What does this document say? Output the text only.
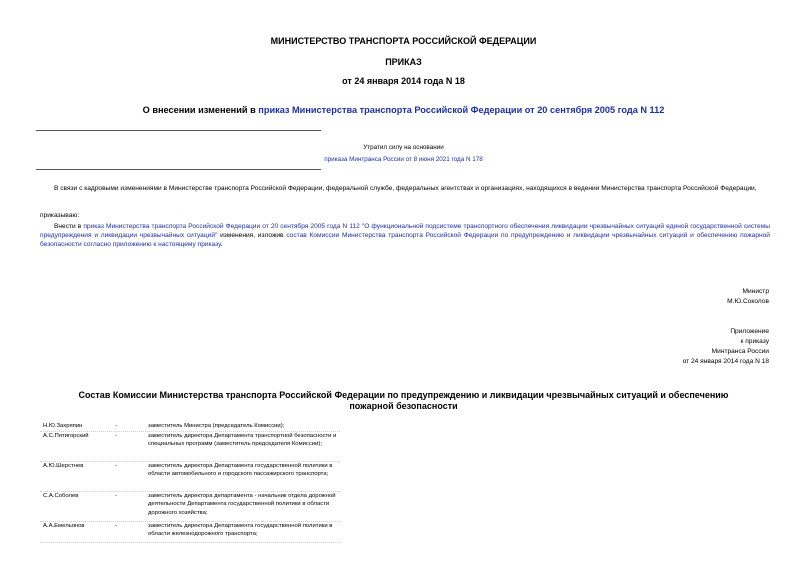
МИНИСТЕРСТВО ТРАНСПОРТА РОССИЙСКОЙ ФЕДЕРАЦИИ
ПРИКАЗ
от 24 января 2014 года N 18
О внесении изменений в приказ Министерства транспорта Российской Федерации от 20 сентября 2005 года N 112
Утратил силу на основании
приказа Минтранса России от 8 июня 2021 года N 178
В связи с кадровыми изменениями в Министерстве транспорта Российской Федерации, федеральной службе, федеральных агентствах и организациях, находящихся в ведении Министерства транспорта Российской Федерации,
приказываю:
Внести в приказ Министерства транспорта Российской Федерации от 20 сентября 2005 года N 112 "О функциональной подсистеме транспортного обеспечения ликвидации чрезвычайных ситуаций единой государственной системы предупреждения и ликвидации чрезвычайных ситуаций" изменения, изложив состав Комиссии Министерства транспорта Российской Федерации по предупреждению и ликвидации чрезвычайных ситуаций и обеспечению пожарной безопасности согласно приложению к настоящему приказу.
Министр
М.Ю.Соколов
Приложение
к приказу
Минтранса России
от 24 января 2014 года N 18
Состав Комиссии Министерства транспорта Российской Федерации по предупреждению и ликвидации чрезвычайных ситуаций и обеспечению пожарной безопасности
Н.Ю.Захряпин	-	заместитель Министра (председатель Комиссии);
А.С.Пятигорский	-	заместитель директора Департамента транспортной безопасности и специальных программ (заместитель председателя Комиссии);
А.Ю.Шерстнев	-	заместитель директора Департамента государственной политики в области автомобильного и городского пассажирского транспорта;
С.А.Соболев	-	заместитель директора департамента - начальник отдела дорожной деятельности Департамента государственной политики в области дорожного хозяйства;
А.А.Емельянов	-	заместитель директора Департамента государственной политики в области железнодорожного транспорта;
